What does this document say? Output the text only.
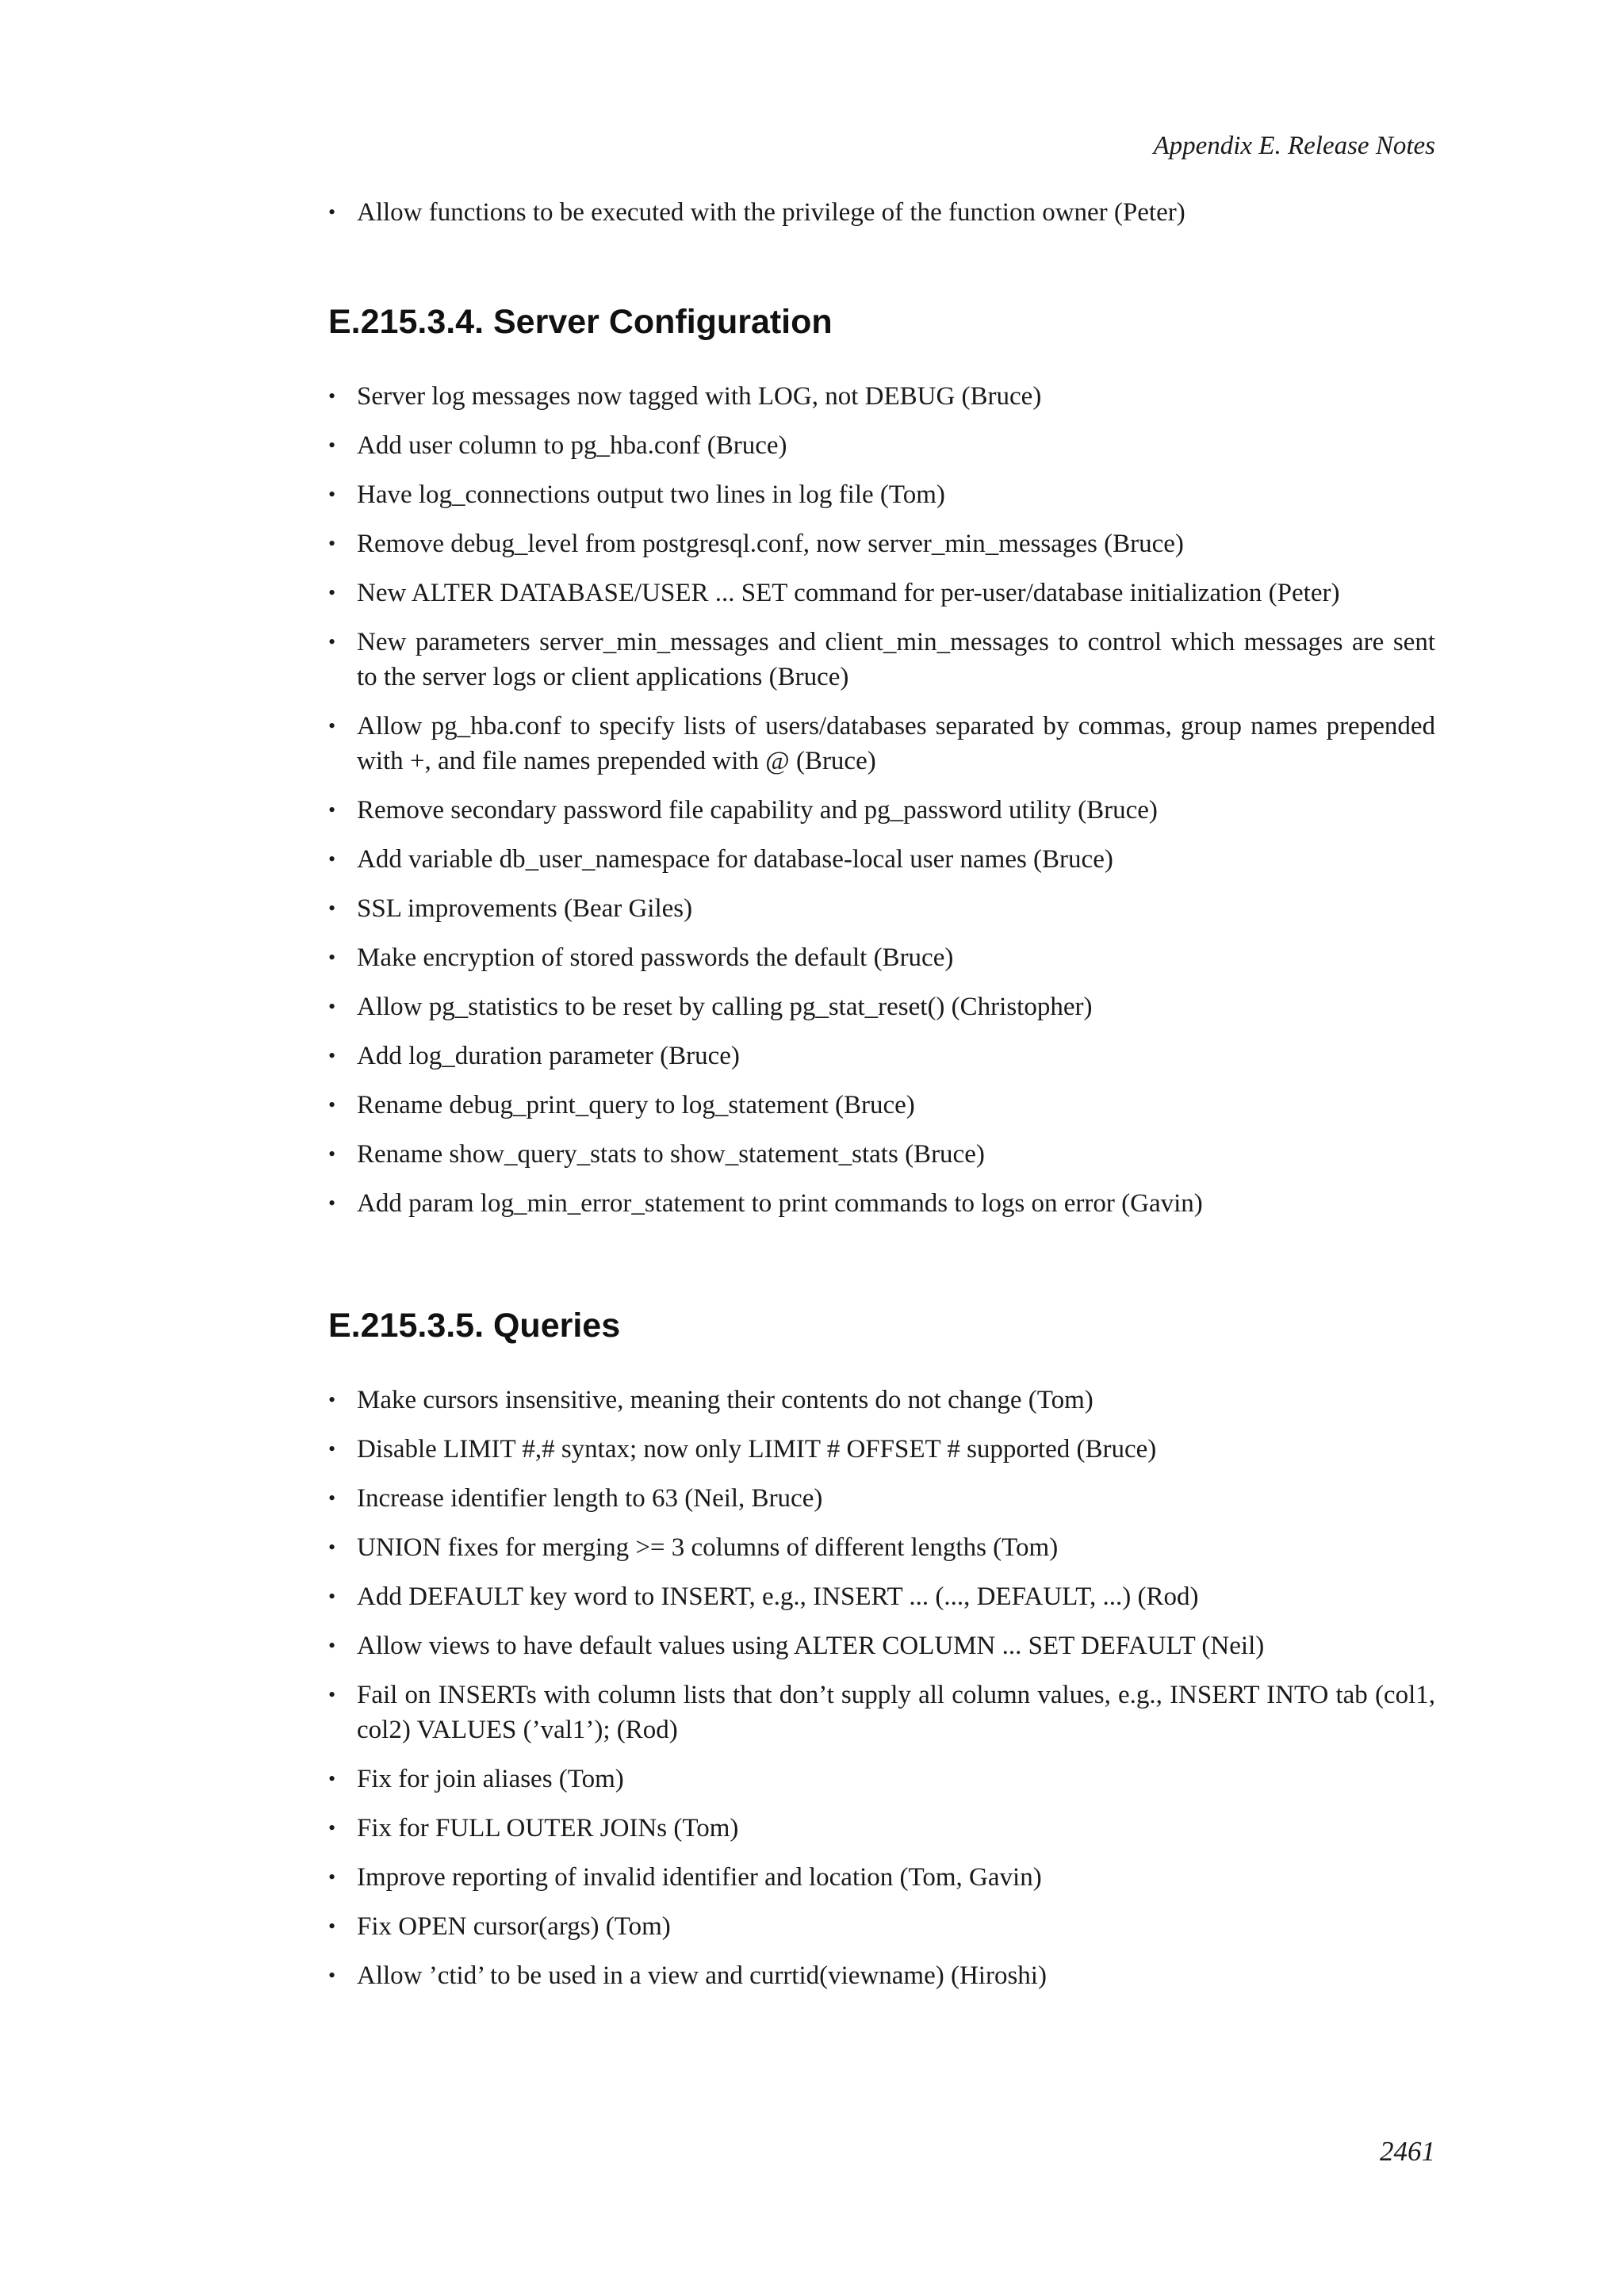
Appendix E. Release Notes
• Allow functions to be executed with the privilege of the function owner (Peter)
E.215.3.4. Server Configuration
• Server log messages now tagged with LOG, not DEBUG (Bruce)
• Add user column to pg_hba.conf (Bruce)
• Have log_connections output two lines in log file (Tom)
• Remove debug_level from postgresql.conf, now server_min_messages (Bruce)
• New ALTER DATABASE/USER ... SET command for per-user/database initialization (Peter)
• New parameters server_min_messages and client_min_messages to control which messages are sent to the server logs or client applications (Bruce)
• Allow pg_hba.conf to specify lists of users/databases separated by commas, group names prepended with +, and file names prepended with @ (Bruce)
• Remove secondary password file capability and pg_password utility (Bruce)
• Add variable db_user_namespace for database-local user names (Bruce)
• SSL improvements (Bear Giles)
• Make encryption of stored passwords the default (Bruce)
• Allow pg_statistics to be reset by calling pg_stat_reset() (Christopher)
• Add log_duration parameter (Bruce)
• Rename debug_print_query to log_statement (Bruce)
• Rename show_query_stats to show_statement_stats (Bruce)
• Add param log_min_error_statement to print commands to logs on error (Gavin)
E.215.3.5. Queries
• Make cursors insensitive, meaning their contents do not change (Tom)
• Disable LIMIT #,# syntax; now only LIMIT # OFFSET # supported (Bruce)
• Increase identifier length to 63 (Neil, Bruce)
• UNION fixes for merging >= 3 columns of different lengths (Tom)
• Add DEFAULT key word to INSERT, e.g., INSERT ... (..., DEFAULT, ...) (Rod)
• Allow views to have default values using ALTER COLUMN ... SET DEFAULT (Neil)
• Fail on INSERTs with column lists that don’t supply all column values, e.g., INSERT INTO tab (col1, col2) VALUES (’val1’); (Rod)
• Fix for join aliases (Tom)
• Fix for FULL OUTER JOINs (Tom)
• Improve reporting of invalid identifier and location (Tom, Gavin)
• Fix OPEN cursor(args) (Tom)
• Allow ’ctid’ to be used in a view and currtid(viewname) (Hiroshi)
2461
